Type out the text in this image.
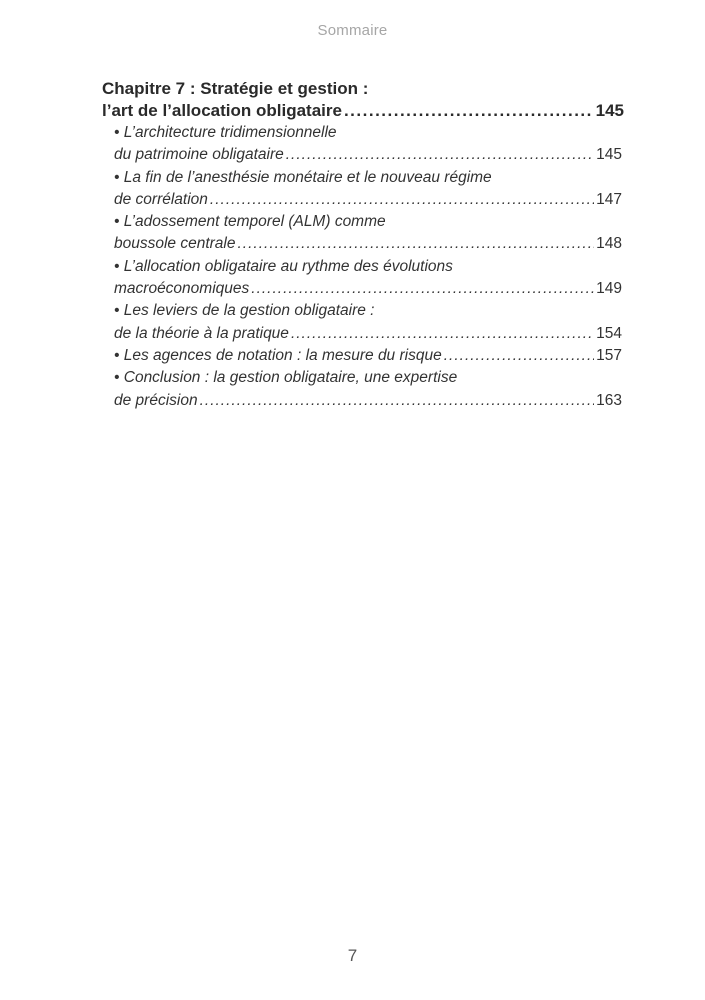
Sommaire
Chapitre 7 : Stratégie et gestion :
l’art de l’allocation obligataire .....	145
• L’architecture tridimensionnelle
du patrimoine obligataire .....	145
• La fin de l’anesthésie monétaire et le nouveau régime
de corrélation .....	147
• L’adossement temporel (ALM) comme
boussole centrale .....	148
• L’allocation obligataire au rythme des évolutions
macroéconomiques .....	149
• Les leviers de la gestion obligataire :
de la théorie à la pratique .....	154
• Les agences de notation : la mesure du risque .....	157
• Conclusion : la gestion obligataire, une expertise
de précision .....	163
7
